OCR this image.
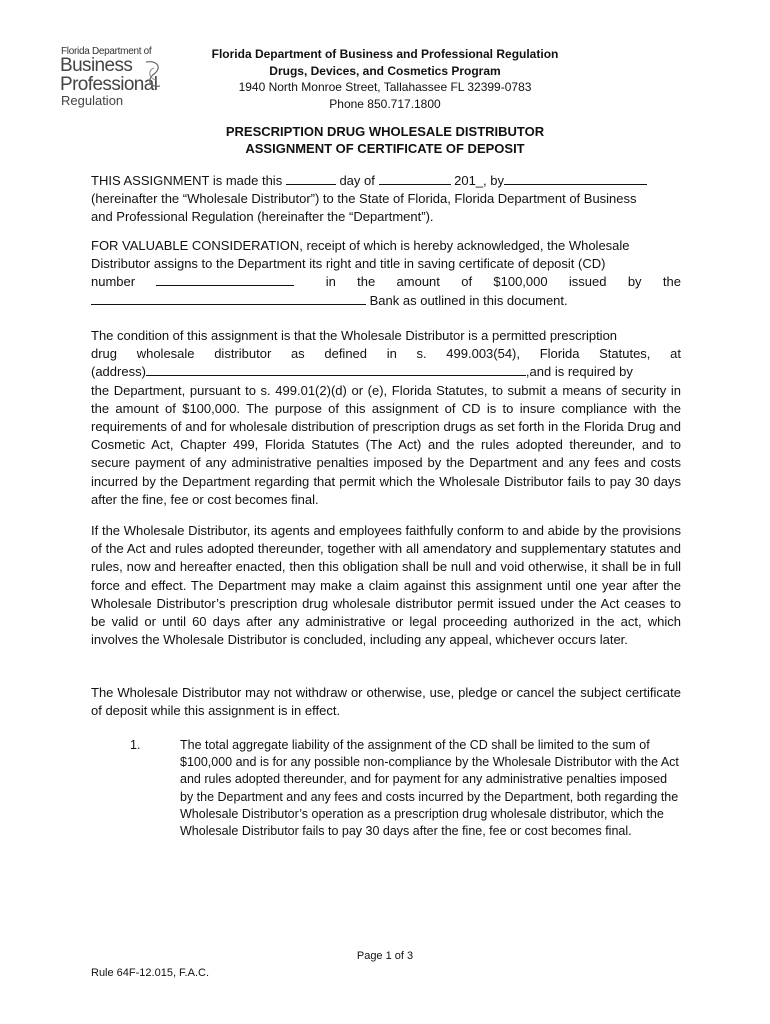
Florida Department of
Business
Professional
Regulation
Florida Department of Business and Professional Regulation
Drugs, Devices, and Cosmetics Program
1940 North Monroe Street, Tallahassee FL 32399-0783
Phone 850.717.1800
PRESCRIPTION DRUG WHOLESALE DISTRIBUTOR
ASSIGNMENT OF CERTIFICATE OF DEPOSIT
THIS ASSIGNMENT is made this	day of	201_, by
(hereinafter the “Wholesale Distributor”) to the State of Florida, Florida Department of Business
and Professional Regulation (hereinafter the “Department”).
FOR VALUABLE CONSIDERATION, receipt of which is hereby acknowledged, the Wholesale
Distributor assigns to the Department its right and title in saving certificate of deposit (CD)
number	in the amount of $100,000 issued by the
Bank as outlined in this document.
The condition of this assignment is that the Wholesale Distributor is a permitted prescription
drug wholesale distributor as defined in s. 499.003(54), Florida Statutes, at
(address)	,and is required by
the Department, pursuant to s. 499.01(2)(d) or (e), Florida Statutes, to submit a means of security in the amount of $100,000. The purpose of this assignment of CD is to insure compliance with the requirements of and for wholesale distribution of prescription drugs as set forth in the Florida Drug and Cosmetic Act, Chapter 499, Florida Statutes (The Act) and the rules adopted thereunder, and to secure payment of any administrative penalties imposed by the Department and any fees and costs incurred by the Department regarding that permit which the Wholesale Distributor fails to pay 30 days after the fine, fee or cost becomes final.
If the Wholesale Distributor, its agents and employees faithfully conform to and abide by the provisions of the Act and rules adopted thereunder, together with all amendatory and supplementary statutes and rules, now and hereafter enacted, then this obligation shall be null and void otherwise, it shall be in full force and effect. The Department may make a claim against this assignment until one year after the Wholesale Distributor’s prescription drug wholesale distributor permit issued under the Act ceases to be valid or until 60 days after any administrative or legal proceeding authorized in the act, which involves the Wholesale Distributor is concluded, including any appeal, whichever occurs later.
The Wholesale Distributor may not withdraw or otherwise, use, pledge or cancel the subject certificate of deposit while this assignment is in effect.
1.	The total aggregate liability of the assignment of the CD shall be limited to the sum of $100,000 and is for any possible non-compliance by the Wholesale Distributor with the Act and rules adopted thereunder, and for payment for any administrative penalties imposed by the Department and any fees and costs incurred by the Department, both regarding the Wholesale Distributor’s operation as a prescription drug wholesale distributor, which the Wholesale Distributor fails to pay 30 days after the fine, fee or cost becomes final.
Page 1 of 3
Rule 64F-12.015, F.A.C.
